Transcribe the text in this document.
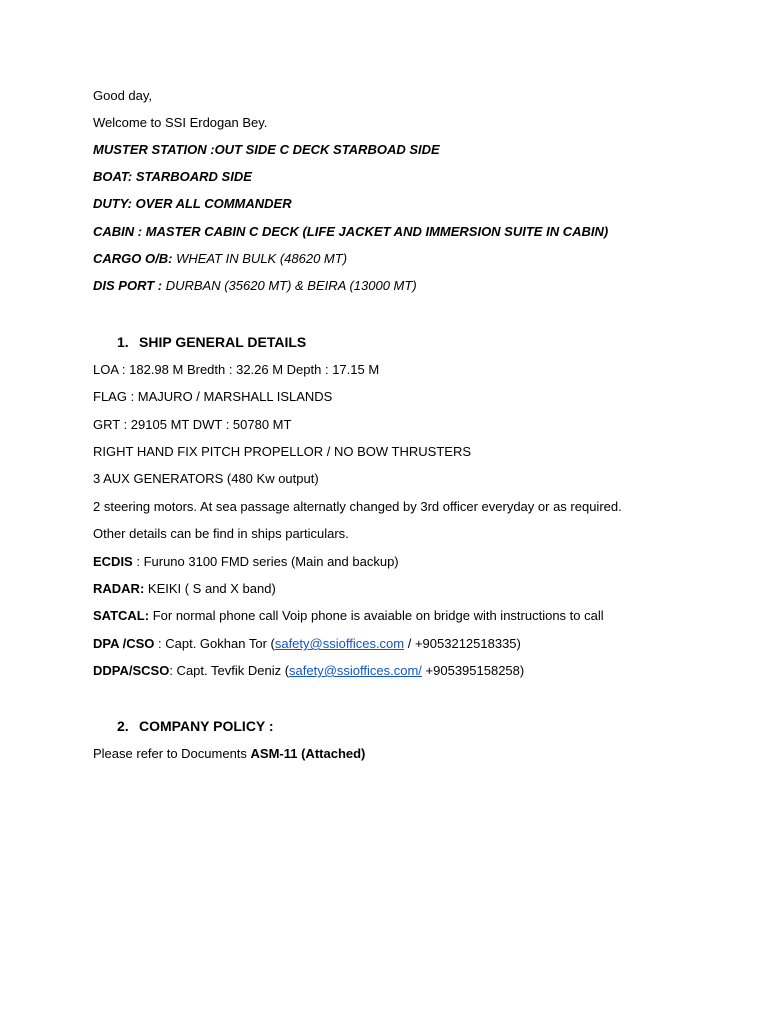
Good day,
Welcome to SSI Erdogan Bey.
MUSTER STATION :OUT SIDE C DECK STARBOAD SIDE
BOAT: STARBOARD SIDE
DUTY: OVER ALL COMMANDER
CABIN : MASTER CABIN C DECK (LIFE JACKET AND IMMERSION SUITE IN CABIN)
CARGO O/B: WHEAT IN BULK (48620 MT)
DIS PORT : DURBAN (35620 MT) & BEIRA (13000 MT)
1. SHIP GENERAL DETAILS
LOA : 182.98 M Bredth : 32.26 M Depth : 17.15 M
FLAG : MAJURO / MARSHALL ISLANDS
GRT : 29105 MT DWT : 50780 MT
RIGHT HAND FIX PITCH PROPELLOR / NO BOW THRUSTERS
3 AUX GENERATORS (480 Kw output)
2 steering motors. At sea passage alternatly changed by 3rd officer everyday or as required.
Other details can be find in ships particulars.
ECDIS : Furuno 3100 FMD series (Main and backup)
RADAR: KEIKI ( S and X band)
SATCAL: For normal phone call Voip phone is avaiable on bridge with instructions to call
DPA /CSO : Capt. Gokhan Tor (safety@ssioffices.com / +9053212518335)
DDPA/SCSO: Capt. Tevfik Deniz (safety@ssioffices.com/ +905395158258)
2. COMPANY POLICY :
Please refer to Documents ASM-11 (Attached)
